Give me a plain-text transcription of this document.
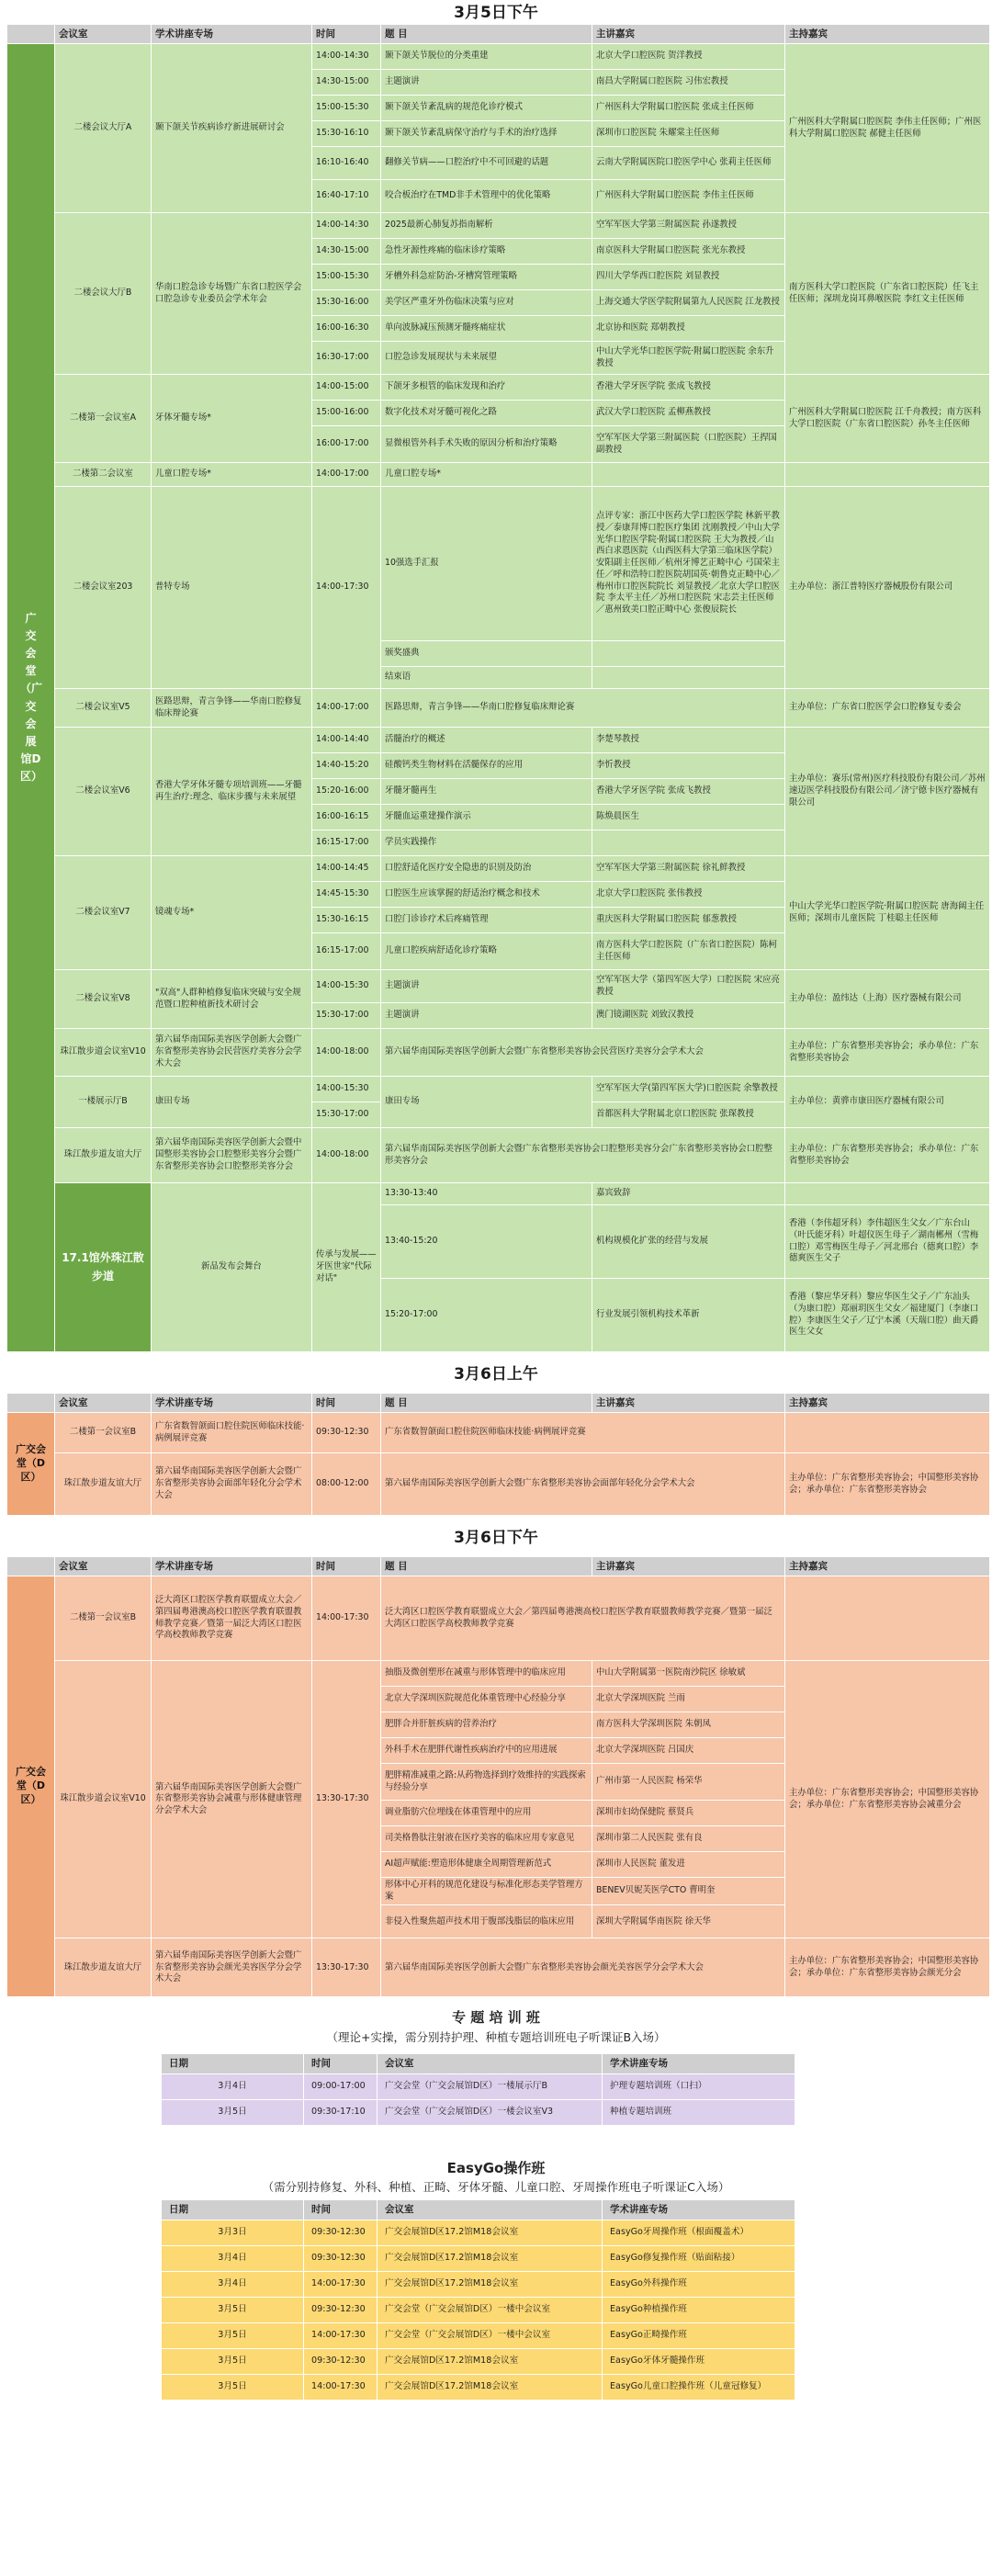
3月5日下午
	会议室	学术讲座专场	时间	题 目	主讲嘉宾	主持嘉宾	
广交会堂（广交会展馆D区）	二楼会议大厅A	颞下颌关节疾病诊疗新进展研讨会	14:00-14:30	颞下颌关节脱位的分类重建	北京大学口腔医院 贺洋教授	广州医科大学附属口腔医院 李伟主任医师；广州医科大学附属口腔医院 郝健主任医师	
			14:30-15:00	主题演讲	南昌大学附属口腔医院 习伟宏教授		
			15:00-15:30	颞下颌关节紊乱病的规范化诊疗模式	广州医科大学附属口腔医院 张成主任医师		
			15:30-16:10	颞下颌关节紊乱病保守治疗与手术的治疗选择	深圳市口腔医院 朱耀棠主任医师		
			16:10-16:40	翻修关节病——口腔治疗中不可回避的话题	云南大学附属医院口腔医学中心 张莉主任医师		
			16:40-17:10	咬合板治疗在TMD非手术管理中的优化策略	广州医科大学附属口腔医院 李伟主任医师		
	二楼会议大厅B	华南口腔急诊专场暨广东省口腔医学会口腔急诊专业委员会学术年会	14:00-14:30	2025最新心肺复苏指南解析	空军军医大学第三附属医院 孙遂教授	南方医科大学口腔医院（广东省口腔医院）任飞主任医师；深圳龙岗耳鼻喉医院 李红文主任医师	
			14:30-15:00	急性牙源性疼痛的临床诊疗策略	南京医科大学附属口腔医院 张光东教授		
			15:00-15:30	牙槽外科急症防治-牙槽窝管理策略	四川大学华西口腔医院 刘显教授		
			15:30-16:00	美学区严重牙外伤临床决策与应对	上海交通大学医学院附属第九人民医院 江龙教授		
			16:00-16:30	单向波脉减压预测牙髓疼痛症状	北京协和医院 郑朝教授		
			16:30-17:00	口腔急诊发展现状与未来展望	中山大学光华口腔医学院·附属口腔医院 余东升教授		
	二楼第一会议室A	牙体牙髓专场*	14:00-15:00	下颌牙多根管的临床发现和治疗	香港大学牙医学院 张成飞教授	广州医科大学附属口腔医院 江千舟教授；南方医科大学口腔医院（广东省口腔医院）孙冬主任医师	
			15:00-16:00	数字化技术对牙髓可视化之路	武汉大学口腔医院 孟柳燕教授		
			16:00-17:00	显微根管外科手术失败的原因分析和治疗策略	空军军医大学第三附属医院（口腔医院）王捍国副教授		
	二楼第二会议室	儿童口腔专场*	14:00-17:00	儿童口腔专场*			
	二楼会议室203	普特专场	14:00-17:30	10强选手汇报	点评专家：浙江中医药大学口腔医学院 林新平教授／泰康拜博口腔医疗集团 沈刚教授／中山大学光华口腔医学院·附属口腔医院 王大为教授／山西白求恩医院（山西医科大学第三临床医学院）安阳副主任医师／杭州牙博艺正畸中心 弓国荣主任／呼和浩特口腔医院胡国英·朝鲁克正畸中心／梅州市口腔医院院长 刘显教授／北京大学口腔医院 李太平主任／苏州口腔医院 宋志芸主任医师／惠州致美口腔正畸中心 张俊辰院长	主办单位：浙江普特医疗器械股份有限公司	
				颁奖盛典			
				结束语			
	二楼会议室V5	医路思辩，青言争锋——华南口腔修复临床辩论赛	14:00-17:00	医路思辩，青言争锋——华南口腔修复临床辩论赛		主办单位：广东省口腔医学会口腔修复专委会	
	二楼会议室V6	香港大学牙体牙髓专项培训班——牙髓再生治疗:理念、临床步骤与未来展望	14:00-14:40	活髓治疗的概述	李楚琴教授	主办单位：赛乐(常州)医疗科技股份有限公司／苏州速迈医学科技股份有限公司／济宁德卡医疗器械有限公司	
			14:40-15:20	硅酸钙类生物材料在活髓保存的应用	李忻教授		
			15:20-16:00	牙髓牙髓再生	香港大学牙医学院 张成飞教授		
			16:00-16:15	牙髓血运重建操作演示	陈焕晨医生		
			16:15-17:00	学员实践操作			
	二楼会议室V7	镜魂专场*	14:00-14:45	口腔舒适化医疗安全隐患的识别及防治	空军军医大学第三附属医院 徐礼鲜教授	中山大学光华口腔医学院·附属口腔医院 唐海阔主任医师；深圳市儿童医院 丁桂聪主任医师	
			14:45-15:30	口腔医生应该掌握的舒适治疗概念和技术	北京大学口腔医院 张伟教授		
			15:30-16:15	口腔门诊诊疗术后疼痛管理	重庆医科大学附属口腔医院 郁葱教授		
			16:15-17:00	儿童口腔疾病舒适化诊疗策略	南方医科大学口腔医院（广东省口腔医院）陈柯主任医师		
	二楼会议室V8	"双高"人群种植修复临床突破与安全规范暨口腔种植新技术研讨会	14:00-15:30	主题演讲	空军军医大学（第四军医大学）口腔医院 宋应亮教授	主办单位：盈纬达（上海）医疗器械有限公司	
			15:30-17:00	主题演讲	澳门镜湖医院 刘致汉教授		
	珠江散步道会议室V10	第六届华南国际美容医学创新大会暨广东省整形美容协会民营医疗美容分会学术大会	14:00-18:00	第六届华南国际美容医学创新大会暨广东省整形美容协会民营医疗美容分会学术大会		主办单位：广东省整形美容协会；承办单位：广东省整形美容协会	
	一楼展示厅B	康田专场	14:00-15:30	康田专场	空军军医大学(第四军医大学)口腔医院 余擎教授	主办单位：黄骅市康田医疗器械有限公司	
			15:30-17:00		首都医科大学附属北京口腔医院 张琛教授		
	珠江散步道友谊大厅	第六届华南国际美容医学创新大会暨中国整形美容协会口腔整形美容分会暨广东省整形美容协会口腔整形美容分会	14:00-18:00	第六届华南国际美容医学创新大会暨广东省整形美容协会口腔整形美容分会广东省整形美容协会口腔整形美容分会		主办单位：广东省整形美容协会；承办单位：广东省整形美容协会	
	17.1馆外珠江散步道	新品发布会舞台	传承与发展——牙医世家"代际对话"	13:30-13:40	嘉宾致辞		
				13:40-15:20	机构规模化扩张的经营与发展	香港（李伟超牙科）李伟超医生父女／广东台山（叶氏能牙科）叶超仪医生母子／湖南郴州（雪梅口腔）邓雪梅医生母子／河北邢台（德爽口腔）李德爽医生父子	
				15:20-17:00	行业发展引领机构技术革新	香港（黎应华牙科）黎应华医生父子／广东汕头（为康口腔）郑丽玥医生父女／福建厦门（李康口腔）李康医生父子／辽宁本溪（天瑞口腔）曲天爵医生父女	
3月6日上午
	会议室	学术讲座专场	时间	题 目	主讲嘉宾	主持嘉宾
广交会堂（D区）	二楼第一会议室B	广东省数智颌面口腔住院医师临床技能·病例展评竞赛	09:30-12:30	广东省数智颌面口腔住院医师临床技能·病例展评竞赛		
	珠江散步道友谊大厅	第六届华南国际美容医学创新大会暨广东省整形美容协会面部年轻化分会学术大会	08:00-12:00	第六届华南国际美容医学创新大会暨广东省整形美容协会面部年轻化分会学术大会		主办单位：广东省整形美容协会；中国整形美容协会；承办单位：广东省整形美容协会
3月6日下午
	会议室	学术讲座专场	时间	题 目	主讲嘉宾	主持嘉宾
广交会堂（D区）	二楼第一会议室B	泛大湾区口腔医学教育联盟成立大会／第四届粤港澳高校口腔医学教育联盟教师教学竞赛／暨第一届泛大湾区口腔医学高校教师教学竞赛	14:00-17:30	泛大湾区口腔医学教育联盟成立大会／第四届粤港澳高校口腔医学教育联盟教师教学竞赛／暨第一届泛大湾区口腔医学高校教师教学竞赛		
	珠江散步道会议室V10	第六届华南国际美容医学创新大会暨广东省整形美容协会减重与形体健康管理分会学术大会	13:30-17:30	抽脂及微创塑形在减重与形体管理中的临床应用	中山大学附属第一医院南沙院区 徐敏斌	主办单位：广东省整形美容协会；中国整形美容协会；承办单位：广东省整形美容协会减重分会
				北京大学深圳医院规范化体重管理中心经验分享	北京大学深圳医院 兰雨	
				肥胖合并肝脏疾病的营养治疗	南方医科大学深圳医院 朱朝凤	
				外科手术在肥胖代谢性疾病治疗中的应用进展	北京大学深圳医院 吕国庆	
				肥胖精准减重之路:从药物选择到疗效维持的实践探索与经验分享	广州市第一人民医院 杨荣华	
				调业脂肪穴位埋线在体重管理中的应用	深圳市妇幼保健院 蔡贤兵	
				司美格鲁肽注射液在医疗美容的临床应用专家意见	深圳市第二人民医院 张有良	
				AI超声赋能:塑造形体健康全周期管理新范式	深圳市人民医院 董发进	
				形体中心开科的规范化建设与标准化形态美学管理方案	BENEV贝妮芙医学CTO 曹明奎	
				非侵入性聚焦超声技术用于腹部浅脂层的临床应用	深圳大学附属华南医院 徐天华	
	珠江散步道友谊大厅	第六届华南国际美容医学创新大会暨广东省整形美容协会颜光美容医学分会学术大会	13:30-17:30	第六届华南国际美容医学创新大会暨广东省整形美容协会颜光美容医学分会学术大会		主办单位：广东省整形美容协会；中国整形美容协会；承办单位：广东省整形美容协会颜光分会
专 题 培 训 班
（理论+实操，需分别持护理、种植专题培训班电子听课证B入场）
日期	时间	会议室	学术讲座专场
3月4日	09:00-17:00	广交会堂（广交会展馆D区）一楼展示厅B	护理专题培训班（口扫）
3月5日	09:30-17:10	广交会堂（广交会展馆D区）一楼会议室V3	种植专题培训班
EasyGo操作班
（需分别持修复、外科、种植、正畸、牙体牙髓、儿童口腔、牙周操作班电子听课证C入场）
日期	时间	会议室	学术讲座专场
3月3日	09:30-12:30	广交会展馆D区17.2馆M18会议室	EasyGo牙周操作班（根面覆盖术）
3月4日	09:30-12:30	广交会展馆D区17.2馆M18会议室	EasyGo修复操作班（贴面粘接）
3月4日	14:00-17:30	广交会展馆D区17.2馆M18会议室	EasyGo外科操作班
3月5日	09:30-12:30	广交会堂（广交会展馆D区）一楼中会议室	EasyGo种植操作班
3月5日	14:00-17:30	广交会堂（广交会展馆D区）一楼中会议室	EasyGo正畸操作班
3月5日	09:30-12:30	广交会展馆D区17.2馆M18会议室	EasyGo牙体牙髓操作班
3月5日	14:00-17:30	广交会展馆D区17.2馆M18会议室	EasyGo儿童口腔操作班（儿童冠修复）
